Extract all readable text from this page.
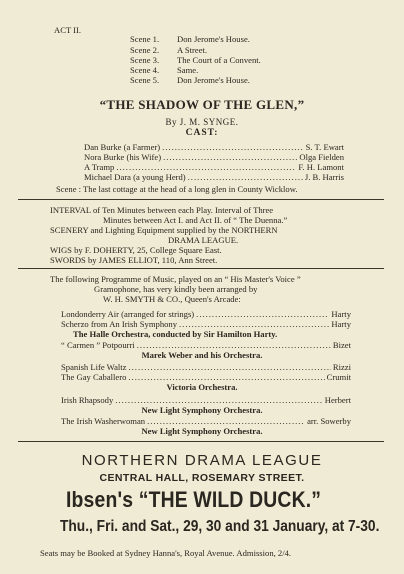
ACT II.
Scene 1. Don Jerome's House.
Scene 2. A Street.
Scene 3. The Court of a Convent.
Scene 4. Same.
Scene 5. Don Jerome's House.
“THE SHADOW OF THE GLEN,”
By J. M. SYNGE.
CAST:
Dan Burke (a Farmer) .....	S. T. Ewart
Nora Burke (his Wife) .....	Olga Fielden
A Tramp .....	F. H. Lamont
Michael Dara (a young Herd) .....	J. B. Harris
Scene : The last cottage at the head of a long glen in County Wicklow.
INTERVAL of Ten Minutes between each Play. Interval of Three
Minutes between Act I. and Act II. of “ The Duenna.”
SCENERY and Lighting Equipment supplied by the NORTHERN
DRAMA LEAGUE.
WIGS by F. DOHERTY, 25, College Square East.
SWORDS by JAMES ELLIOT, 110, Ann Street.
The following Programme of Music, played on an “ His Master's Voice ”
Gramophone, has very kindly been arranged by
W. H. SMYTH & CO., Queen's Arcade:
Londonderry Air (arranged for strings) .....	Harty
Scherzo from An Irish Symphony .....	Harty
The Halle Orchestra, conducted by Sir Hamilton Harty.
“ Carmen ” Potpourri .....	Bizet
Marek Weber and his Orchestra.
Spanish Life Waltz .....	Rizzi
The Gay Caballero .....	Crumit
Victoria Orchestra.
Irish Rhapsody .....	Herbert
New Light Symphony Orchestra.
The Irish Washerwoman .....	arr. Sowerby
New Light Symphony Orchestra.
NORTHERN DRAMA LEAGUE
CENTRAL HALL, ROSEMARY STREET.
Ibsen's “THE WILD DUCK.”
Thu., Fri. and Sat., 29, 30 and 31 January, at 7-30.
Seats may be Booked at Sydney Hanna's, Royal Avenue. Admission, 2/4.
